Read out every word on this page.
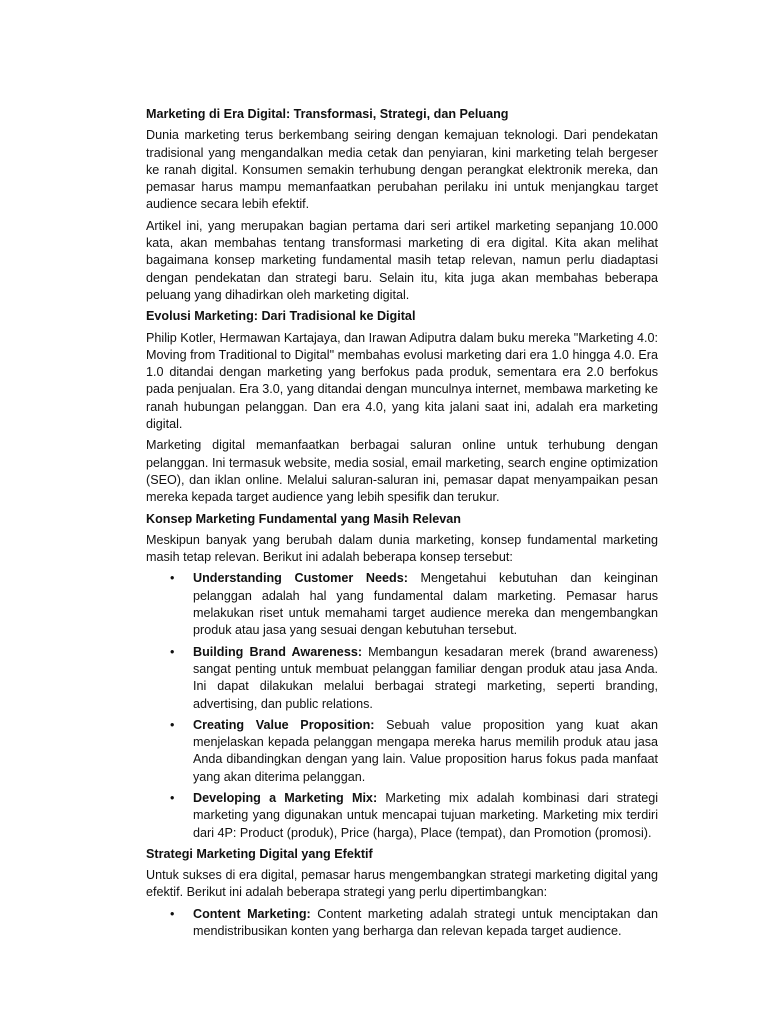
Marketing di Era Digital: Transformasi, Strategi, dan Peluang

Dunia marketing terus berkembang seiring dengan kemajuan teknologi. Dari pendekatan tradisional yang mengandalkan media cetak dan penyiaran, kini marketing telah bergeser ke ranah digital. Konsumen semakin terhubung dengan perangkat elektronik mereka, dan pemasar harus mampu memanfaatkan perubahan perilaku ini untuk menjangkau target audience secara lebih efektif.

Artikel ini, yang merupakan bagian pertama dari seri artikel marketing sepanjang 10.000 kata, akan membahas tentang transformasi marketing di era digital. Kita akan melihat bagaimana konsep marketing fundamental masih tetap relevan, namun perlu diadaptasi dengan pendekatan dan strategi baru. Selain itu, kita juga akan membahas beberapa peluang yang dihadirkan oleh marketing digital.

Evolusi Marketing: Dari Tradisional ke Digital

Philip Kotler, Hermawan Kartajaya, dan Irawan Adiputra dalam buku mereka "Marketing 4.0: Moving from Traditional to Digital" membahas evolusi marketing dari era 1.0 hingga 4.0. Era 1.0 ditandai dengan marketing yang berfokus pada produk, sementara era 2.0 berfokus pada penjualan. Era 3.0, yang ditandai dengan munculnya internet, membawa marketing ke ranah hubungan pelanggan. Dan era 4.0, yang kita jalani saat ini, adalah era marketing digital.

Marketing digital memanfaatkan berbagai saluran online untuk terhubung dengan pelanggan. Ini termasuk website, media sosial, email marketing, search engine optimization (SEO), dan iklan online. Melalui saluran-saluran ini, pemasar dapat menyampaikan pesan mereka kepada target audience yang lebih spesifik dan terukur.

Konsep Marketing Fundamental yang Masih Relevan

Meskipun banyak yang berubah dalam dunia marketing, konsep fundamental marketing masih tetap relevan. Berikut ini adalah beberapa konsep tersebut:

• Understanding Customer Needs: Mengetahui kebutuhan dan keinginan pelanggan adalah hal yang fundamental dalam marketing. Pemasar harus melakukan riset untuk memahami target audience mereka dan mengembangkan produk atau jasa yang sesuai dengan kebutuhan tersebut.
• Building Brand Awareness: Membangun kesadaran merek (brand awareness) sangat penting untuk membuat pelanggan familiar dengan produk atau jasa Anda. Ini dapat dilakukan melalui berbagai strategi marketing, seperti branding, advertising, dan public relations.
• Creating Value Proposition: Sebuah value proposition yang kuat akan menjelaskan kepada pelanggan mengapa mereka harus memilih produk atau jasa Anda dibandingkan dengan yang lain. Value proposition harus fokus pada manfaat yang akan diterima pelanggan.
• Developing a Marketing Mix: Marketing mix adalah kombinasi dari strategi marketing yang digunakan untuk mencapai tujuan marketing. Marketing mix terdiri dari 4P: Product (produk), Price (harga), Place (tempat), dan Promotion (promosi).
Strategi Marketing Digital yang Efektif

Untuk sukses di era digital, pemasar harus mengembangkan strategi marketing digital yang efektif. Berikut ini adalah beberapa strategi yang perlu dipertimbangkan:

• Content Marketing: Content marketing adalah strategi untuk menciptakan dan mendistribusikan konten yang berharga dan relevan kepada target audience.
